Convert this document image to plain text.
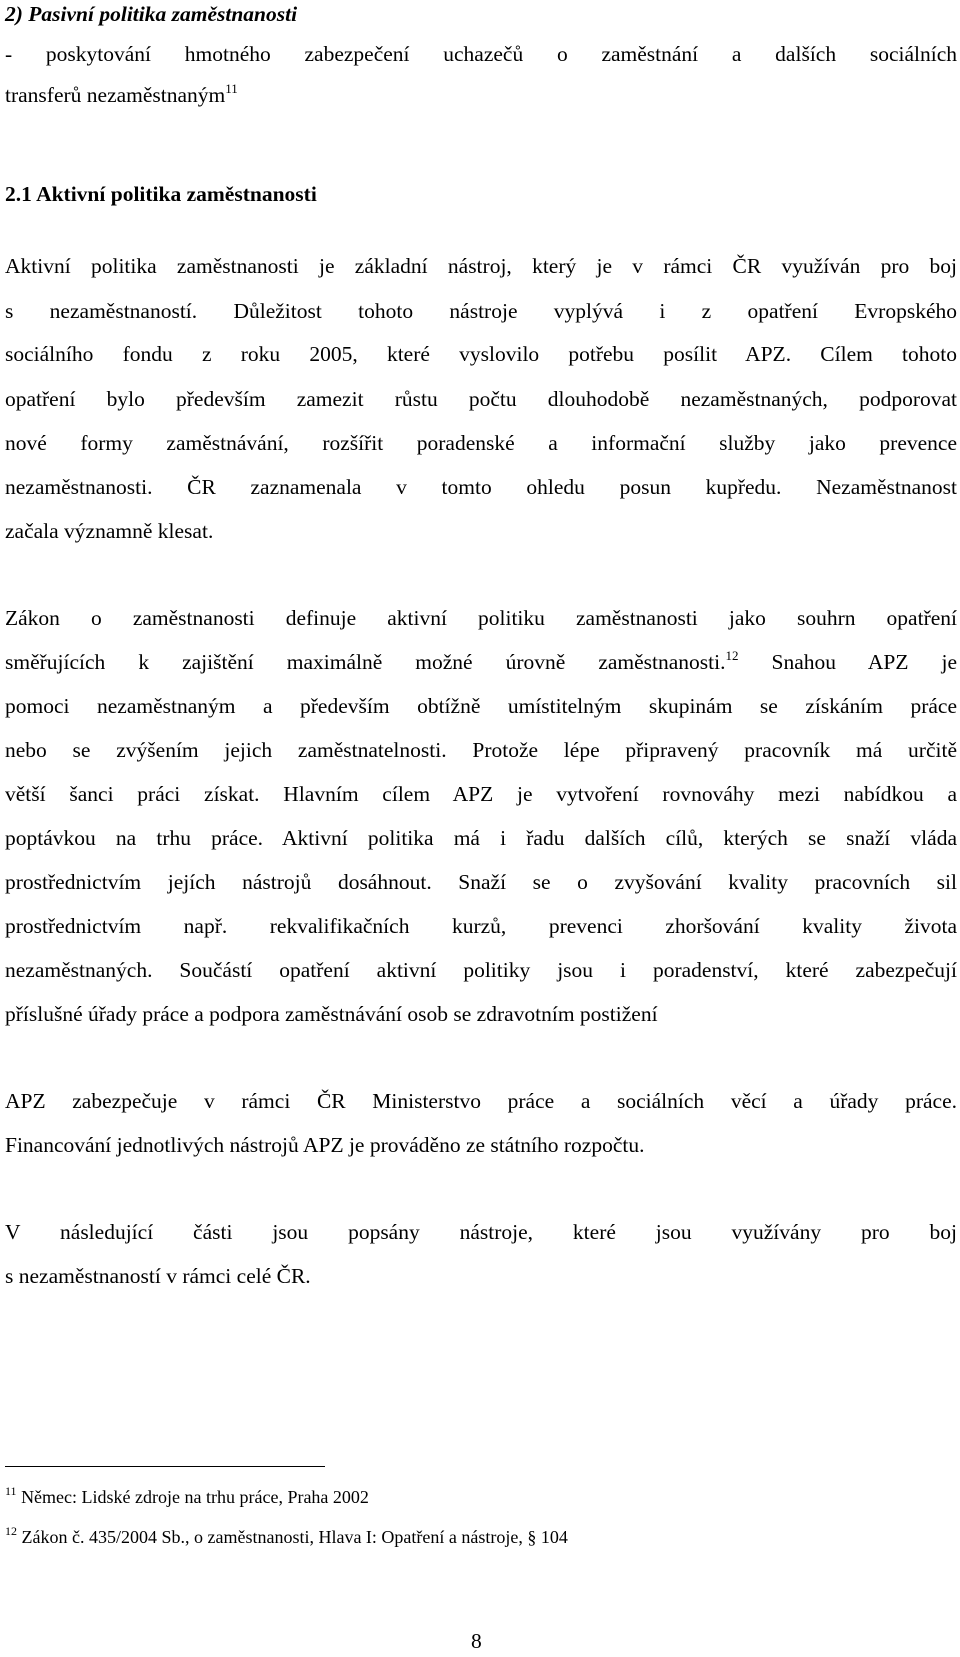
2) Pasivní politika zaměstnanosti
- poskytování hmotného zabezpečení uchazečů o zaměstnání a dalších sociálních
transferů nezaměstnaným$^{11}$
2.1 Aktivní politika zaměstnanosti
Aktivní politika zaměstnanosti je základní nástroj, který je v rámci ČR využíván pro boj
s nezaměstnaností. Důležitost tohoto nástroje vyplývá i z opatření Evropského
sociálního fondu z roku 2005, které vyslovilo potřebu posílit APZ. Cílem tohoto
opatření bylo především zamezit růstu počtu dlouhodobě nezaměstnaných, podporovat
nové formy zaměstnávání, rozšířit poradenské a informační služby jako prevence
nezaměstnanosti. ČR zaznamenala v tomto ohledu posun kupředu. Nezaměstnanost
začala významně klesat.
Zákon o zaměstnanosti definuje aktivní politiku zaměstnanosti jako souhrn opatření
směřujících k zajištění maximálně možné úrovně zaměstnanosti.$^{12}$ Snahou APZ je
pomoci nezaměstnaným a především obtížně umístitelným skupinám se získáním práce
nebo se zvýšením jejich zaměstnatelnosti. Protože lépe připravený pracovník má určitě
větší šanci práci získat. Hlavním cílem APZ je vytvoření rovnováhy mezi nabídkou a
poptávkou na trhu práce. Aktivní politika má i řadu dalších cílů, kterých se snaží vláda
prostřednictvím jejích nástrojů dosáhnout. Snaží se o zvyšování kvality pracovních sil
prostřednictvím např. rekvalifikačních kurzů, prevenci zhoršování kvality života
nezaměstnaných. Součástí opatření aktivní politiky jsou i poradenství, které zabezpečují
příslušné úřady práce a podpora zaměstnávání osob se zdravotním postižení
APZ zabezpečuje v rámci ČR Ministerstvo práce a sociálních věcí a úřady práce.
Financování jednotlivých nástrojů APZ je prováděno ze státního rozpočtu.
V následující části jsou popsány nástroje, které jsou využívány pro boj
s nezaměstnaností v rámci celé ČR.
$^{11}$ Němec: Lidské zdroje na trhu práce, Praha 2002
$^{12}$ Zákon č. 435/2004 Sb., o zaměstnanosti, Hlava I: Opatření a nástroje, § 104
8
